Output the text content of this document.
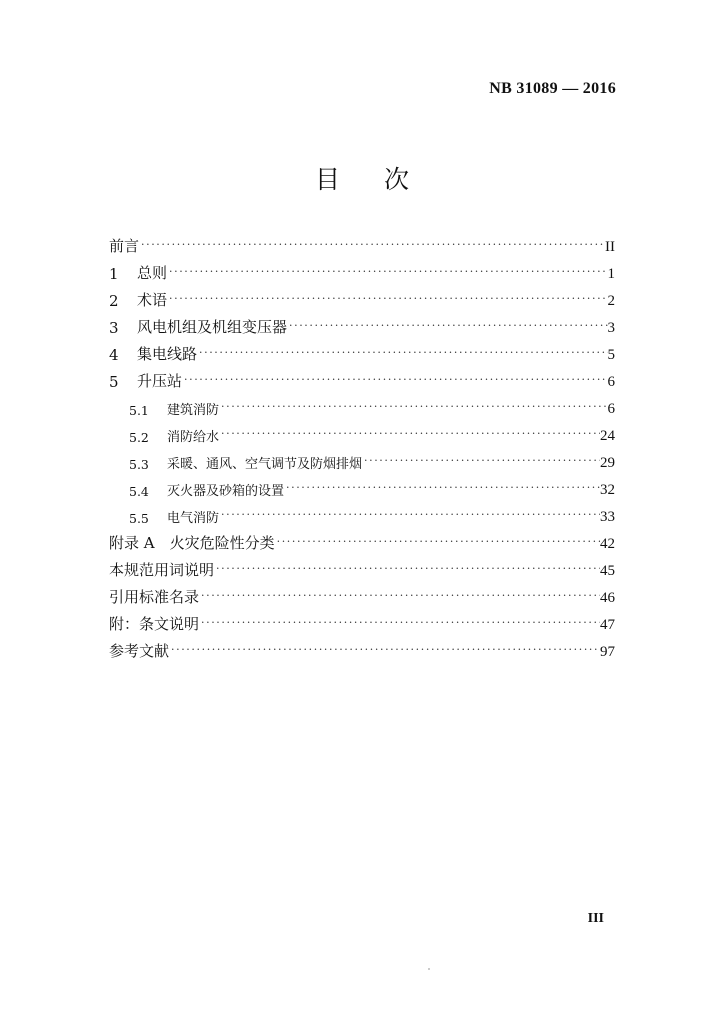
NB 31089 — 2016
目次
前言 ·····	II
1	总则 ·····	1
2	术语 ·····	2
3	风电机组及机组变压器 ·····	3
4	集电线路 ·····	5
5	升压站 ·····	6
5.1	建筑消防 ·····	6
5.2	消防给水 ·····	24
5.3	采暖、通风、空气调节及防烟排烟 ·····	29
5.4	灭火器及砂箱的设置 ·····	32
5.5	电气消防 ·····	33
附录 A　火灾危险性分类 ·····	42
本规范用词说明 ·····	45
引用标准名录 ·····	46
附：条文说明 ·····	47
参考文献 ·····	97
III
